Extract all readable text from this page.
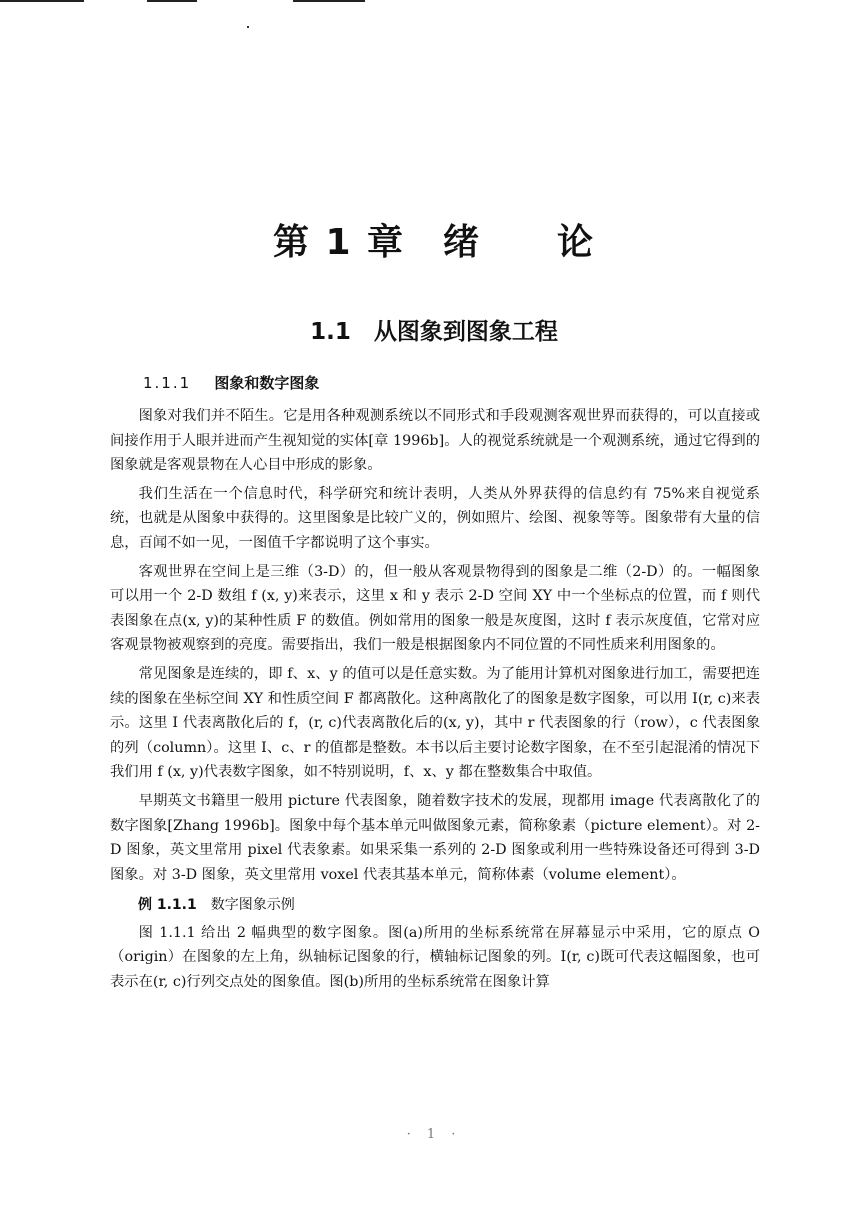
第 1 章　绪　　论
1.1　从图象到图象工程
1.1.1 图象和数字图象

图象对我们并不陌生。它是用各种观测系统以不同形式和手段观测客观世界而获得的，可以直接或间接作用于人眼并进而产生视知觉的实体[章 1996b]。人的视觉系统就是一个观测系统，通过它得到的图象就是客观景物在人心目中形成的影象。

我们生活在一个信息时代，科学研究和统计表明，人类从外界获得的信息约有 75%来自视觉系统，也就是从图象中获得的。这里图象是比较广义的，例如照片、绘图、视象等等。图象带有大量的信息，百闻不如一见，一图值千字都说明了这个事实。

客观世界在空间上是三维（3-D）的，但一般从客观景物得到的图象是二维（2-D）的。一幅图象可以用一个 2-D 数组 f (x, y)来表示，这里 x 和 y 表示 2-D 空间 XY 中一个坐标点的位置，而 f 则代表图象在点(x, y)的某种性质 F 的数值。例如常用的图象一般是灰度图，这时 f 表示灰度值，它常对应客观景物被观察到的亮度。需要指出，我们一般是根据图象内不同位置的不同性质来利用图象的。

常见图象是连续的，即 f、x、y 的值可以是任意实数。为了能用计算机对图象进行加工，需要把连续的图象在坐标空间 XY 和性质空间 F 都离散化。这种离散化了的图象是数字图象，可以用 I(r, c)来表示。这里 I 代表离散化后的 f，(r, c)代表离散化后的(x, y)，其中 r 代表图象的行（row），c 代表图象的列（column）。这里 I、c、r 的值都是整数。本书以后主要讨论数字图象，在不至引起混淆的情况下我们用 f (x, y)代表数字图象，如不特别说明，f、x、y 都在整数集合中取值。

早期英文书籍里一般用 picture 代表图象，随着数字技术的发展，现都用 image 代表离散化了的数字图象[Zhang 1996b]。图象中每个基本单元叫做图象元素，简称象素（picture element）。对 2-D 图象，英文里常用 pixel 代表象素。如果采集一系列的 2-D 图象或利用一些特殊设备还可得到 3-D 图象。对 3-D 图象，英文里常用 voxel 代表其基本单元，简称体素（volume element）。

例 1.1.1 数字图象示例

图 1.1.1 给出 2 幅典型的数字图象。图(a)所用的坐标系统常在屏幕显示中采用，它的原点 O（origin）在图象的左上角，纵轴标记图象的行，横轴标记图象的列。I(r, c)既可代表这幅图象，也可表示在(r, c)行列交点处的图象值。图(b)所用的坐标系统常在图象计算

· 1 ·
